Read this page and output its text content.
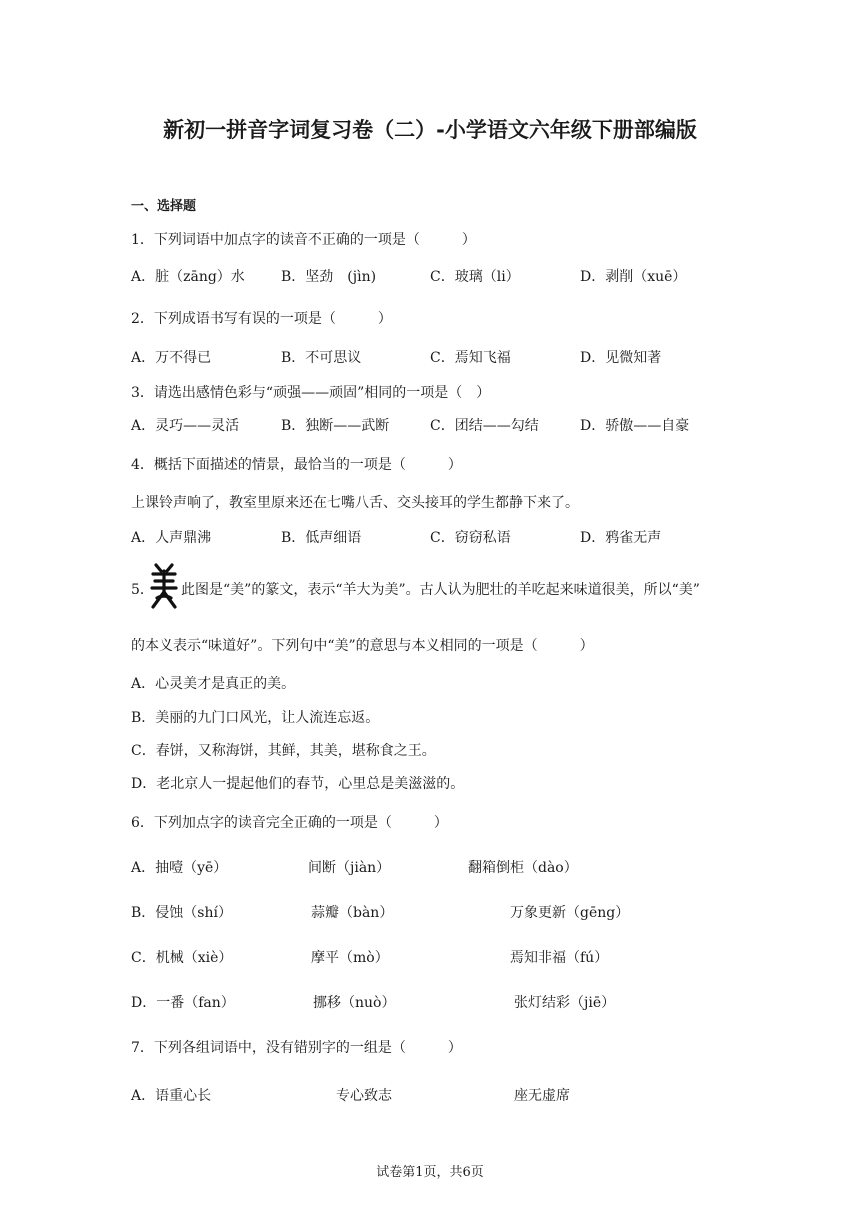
新初一拼音字词复习卷（二）-小学语文六年级下册部编版
一、选择题
1．下列词语中加点字的读音不正确的一项是（　　　）
A．脏（zāng）水	B．坚劲　(jìn)	C．玻璃（li）	D．剥削（xuē）
2．下列成语书写有误的一项是（　　　）
A．万不得已	B．不可思议	C．焉知飞福	D．见微知著
3．请选出感情色彩与“顽强——顽固”相同的一项是（　）
A．灵巧——灵活	B．独断——武断	C．团结——勾结	D．骄傲——自豪
4．概括下面描述的情景，最恰当的一项是（　　　）
上课铃声响了，教室里原来还在七嘴八舌、交头接耳的学生都静下来了。
A．人声鼎沸	B．低声细语	C．窃窃私语	D．鸦雀无声
5． 此图是“美”的篆文，表示“羊大为美”。古人认为肥壮的羊吃起来味道很美，所以“美”
的本义表示“味道好”。下列句中“美”的意思与本义相同的一项是（　　　）
A．心灵美才是真正的美。
B．美丽的九门口风光，让人流连忘返。
C．春饼，又称海饼，其鲜，其美，堪称食之王。
D．老北京人一提起他们的春节，心里总是美滋滋的。
6．下列加点字的读音完全正确的一项是（　　　）
A．抽噎（yē）	间断（jiàn）	翻箱倒柜（dào）
B．侵蚀（shí）	蒜瓣（bàn）	万象更新（gēng）
C．机械（xiè）	摩平（mò）	焉知非福（fú）
D．一番（fan）	挪移（nuò）	张灯结彩（jiē）
7．下列各组词语中，没有错别字的一组是（　　　）
A．语重心长	专心致志	座无虚席
试卷第1页，共6页
